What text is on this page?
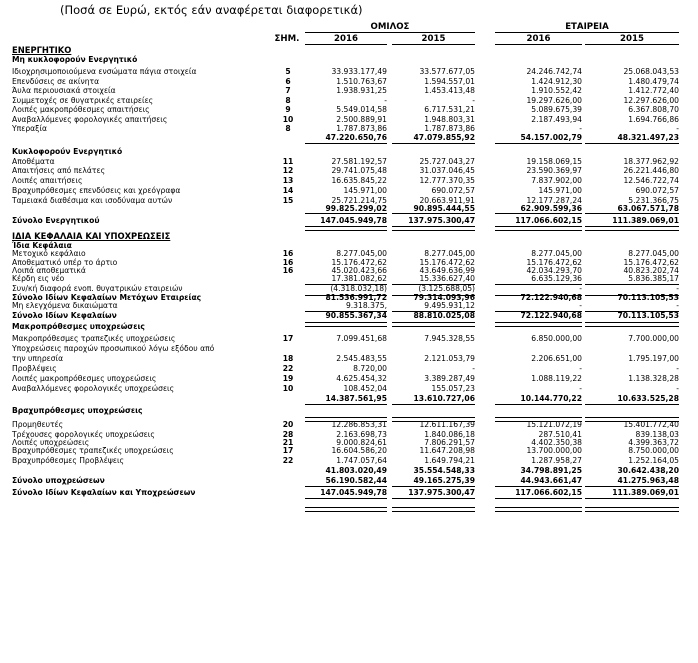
(Ποσά σε Ευρώ, εκτός εάν αναφέρεται διαφορετικά)
ΟΜΙΛΟΣ	ΕΤΑΙΡΕΙΑ
ΣΗΜ.	2016	2015	2016	2015
ΕΝΕΡΓΗΤΙΚΟ
Μη κυκλοφορούν Ενεργητικό
Ιδιοχρησιμοποιούμενα ενσώματα πάγια στοιχεία	5	33.933.177,49	33.577.677,05	24.246.742,74	25.068.043,53
Επενδύσεις σε ακίνητα	6	1.510.763,67	1.594.557,01	1.424.912,30	1.480.479,74
Άυλα περιουσιακά στοιχεία	7	1.938.931,25	1.453.413,48	1.910.552,42	1.412.772,40
Συμμετοχές σε θυγατρικές εταιρείες	8	-	-	19.297.626,00	12.297.626,00
Λοιπές μακροπρόθεσμες απαιτήσεις	9	5.549.014,58	6.717.531,21	5.089.675,39	6.367.808,70
Αναβαλλόμενες φορολογικές απαιτήσεις	10	2.500.889,91	1.948.803,31	2.187.493,94	1.694.766,86
Υπεραξία	8	1.787.873,86	1.787.873,86	-	-
47.220.650,76	47.079.855,92	54.157.002,79	48.321.497,23
Κυκλοφορούν Ενεργητικό
Αποθέματα	11	27.581.192,57	25.727.043,27	19.158.069,15	18.377.962,92
Απαιτήσεις από πελάτες	12	29.741.075,48	31.037.046,45	23.590.369,97	26.221.446,80
Λοιπές απαιτήσεις	13	16.635.845,22	12.777.370,35	7.837.902,00	12.546.722,74
Βραχυπρόθεσμες επενδύσεις και χρεόγραφα	14	145.971,00	690.072,57	145.971,00	690.072,57
Ταμειακά διαθέσιμα και ισοδύναμα αυτών	15	25.721.214,75	20.663.911,91	12.177.287,24	5.231.366,75
99.825.299,02	90.895.444,55	62.909.599,36	63.067.571,78
Σύνολο Ενεργητικού	147.045.949,78	137.975.300,47	117.066.602,15	111.389.069,01
ΙΔΙΑ ΚΕΦΑΛΑΙΑ ΚΑΙ ΥΠΟΧΡΕΩΣΕΙΣ
Ίδια Κεφάλαια
Μετοχικό κεφάλαιο	16	8.277.045,00	8.277.045,00	8.277.045,00	8.277.045,00
Αποθεματικό υπέρ το άρτιο	16	15.176.472,62	15.176.472,62	15.176.472,62	15.176.472,62
Λοιπά αποθεματικά	16	45.020.423,66	43.649.636,99	42.034.293,70	40.823.202,74
Κέρδη εις νέο	17.381.082,62	15.336.627,40	6.635.129,36	5.836.385,17
Συν/κή διαφορά ενοπ. θυγατρικών εταιρειών	(4.318.032,18)	(3.125.688,05)	-	-
Σύνολο Ιδίων Κεφαλαίων Μετόχων Εταιρείας	81.536.991,72	79.314.093,96	72.122.940,68	70.113.105,53
Μη ελεγχόμενα δικαιώματα	9.318.375,	9.495.931,12	-	-
Σύνολο Ιδίων Κεφαλαίων	90.855.367,34	88.810.025,08	72.122.940,68	70.113.105,53
Μακροπρόθεσμες υποχρεώσεις
Μακροπρόθεσμες τραπεζικές υποχρεώσεις	17	7.099.451,68	7.945.328,55	6.850.000,00	7.700.000,00
Υποχρεώσεις παροχών προσωπικού λόγω εξόδου από
την υπηρεσία	18	2.545.483,55	2.121.053,79	2.206.651,00	1.795.197,00
Προβλέψεις	22	8.720,00	-	-	-
Λοιπές μακροπρόθεσμες υποχρεώσεις	19	4.625.454,32	3.389.287,49	1.088.119,22	1.138.328,28
Αναβαλλόμενες φορολογικές υποχρεώσεις	10	108.452,04	155.057,23	-	-
14.387.561,95	13.610.727,06	10.144.770,22	10.633.525,28
Βραχυπρόθεσμες υποχρεώσεις
Προμηθευτές	20	12.286.853,31	12.611.167,39	15.121.072,19	15.401.772,40
Τρέχουσες φορολογικές υποχρεώσεις	28	2.163.698,73	1.840.086,18	287.510,41	839.138,03
Λοιπές υποχρεώσεις	21	9.000.824,61	7.806.291,57	4.402.350,38	4.399.363,72
Βραχυπρόθεσμες τραπεζικές υποχρεώσεις	17	16.604.586,20	11.647.208,98	13.700.000,00	8.750.000,00
Βραχυπρόθεσμες Προβλέψεις	22	1.747.057,64	1.649.794,21	1.287.958,27	1.252.164,05
41.803.020,49	35.554.548,33	34.798.891,25	30.642.438,20
Σύνολο υποχρεώσεων	56.190.582,44	49.165.275,39	44.943.661,47	41.275.963,48
Σύνολο Ιδίων Κεφαλαίων και Υποχρεώσεων	147.045.949,78	137.975.300,47	117.066.602,15	111.389.069,01
